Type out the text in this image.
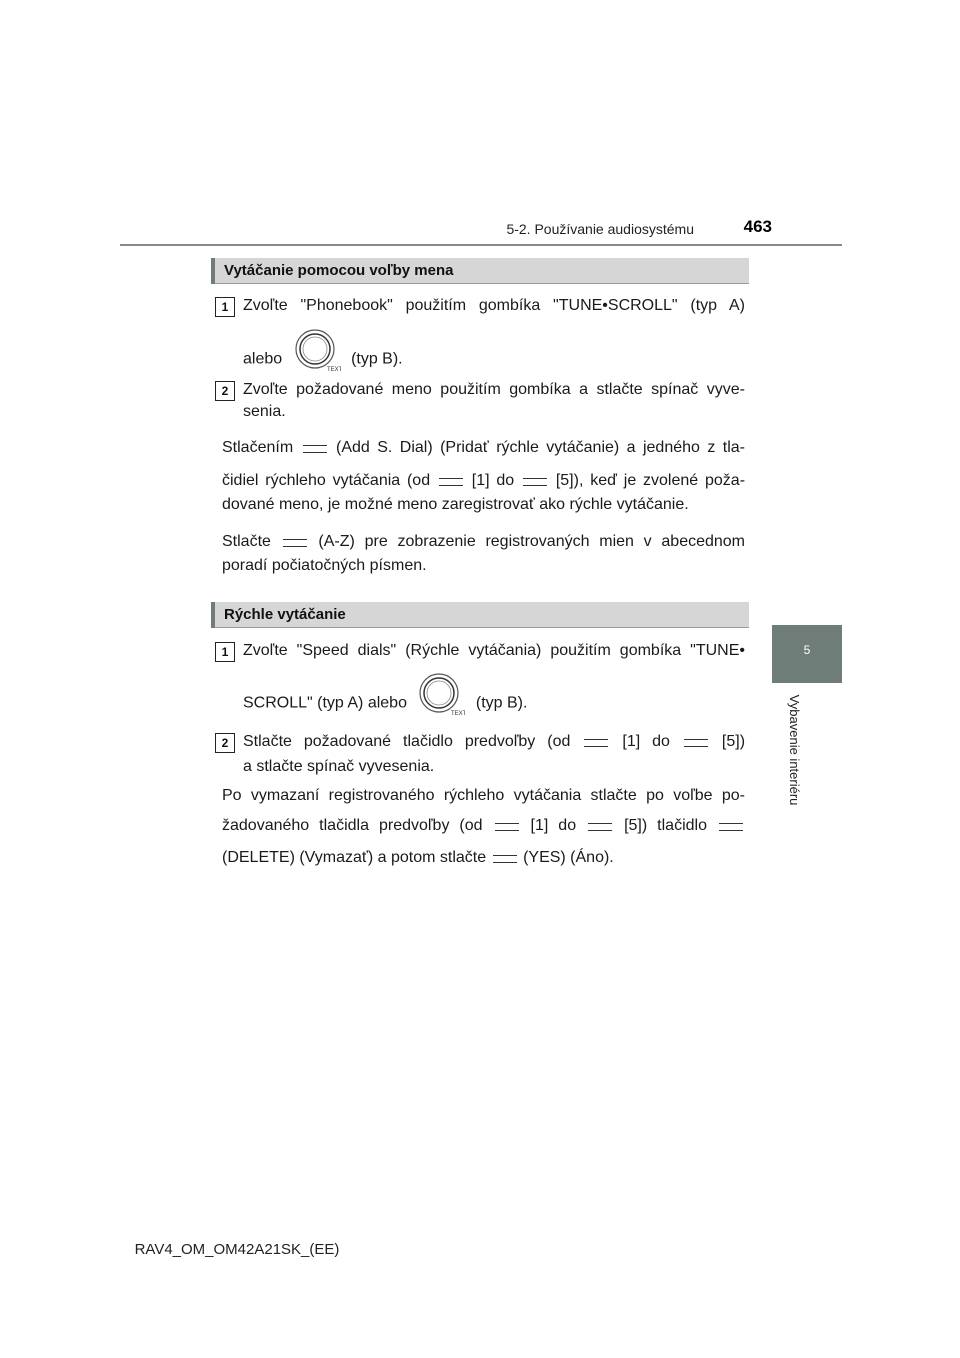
5-2. Používanie audiosystému	463
5
Vybavenie interiéru
Vytáčanie pomocou voľby mena
1 Zvoľte "Phonebook" použitím gombíka "TUNE•SCROLL" (typ A)
alebo
TEXT
(typ B).
2 Zvoľte požadované meno použitím gombíka a stlačte spínač vyve-
senia.
Stlačením	(Add S. Dial) (Pridať rýchle vytáčanie) a jedného z tla-
čidiel rýchleho vytáčania (od	[1] do	[5]), keď je zvolené poža-
dované meno, je možné meno zaregistrovať ako rýchle vytáčanie.
Stlačte	(A-Z) pre zobrazenie registrovaných mien v abecednom
poradí počiatočných písmen.
Rýchle vytáčanie
1 Zvoľte "Speed dials" (Rýchle vytáčania) použitím gombíka "TUNE•
SCROLL" (typ A) alebo
TEXT
(typ B).
2 Stlačte požadované tlačidlo predvoľby (od	[1] do	[5])
a stlačte spínač vyvesenia.
Po vymazaní registrovaného rýchleho vytáčania stlačte po voľbe po-
žadovaného tlačidla predvoľby (od	[1] do	[5]) tlačidlo
(DELETE) (Vymazať) a potom stlačte (YES) (Áno).
RAV4_OM_OM42A21SK_(EE)
